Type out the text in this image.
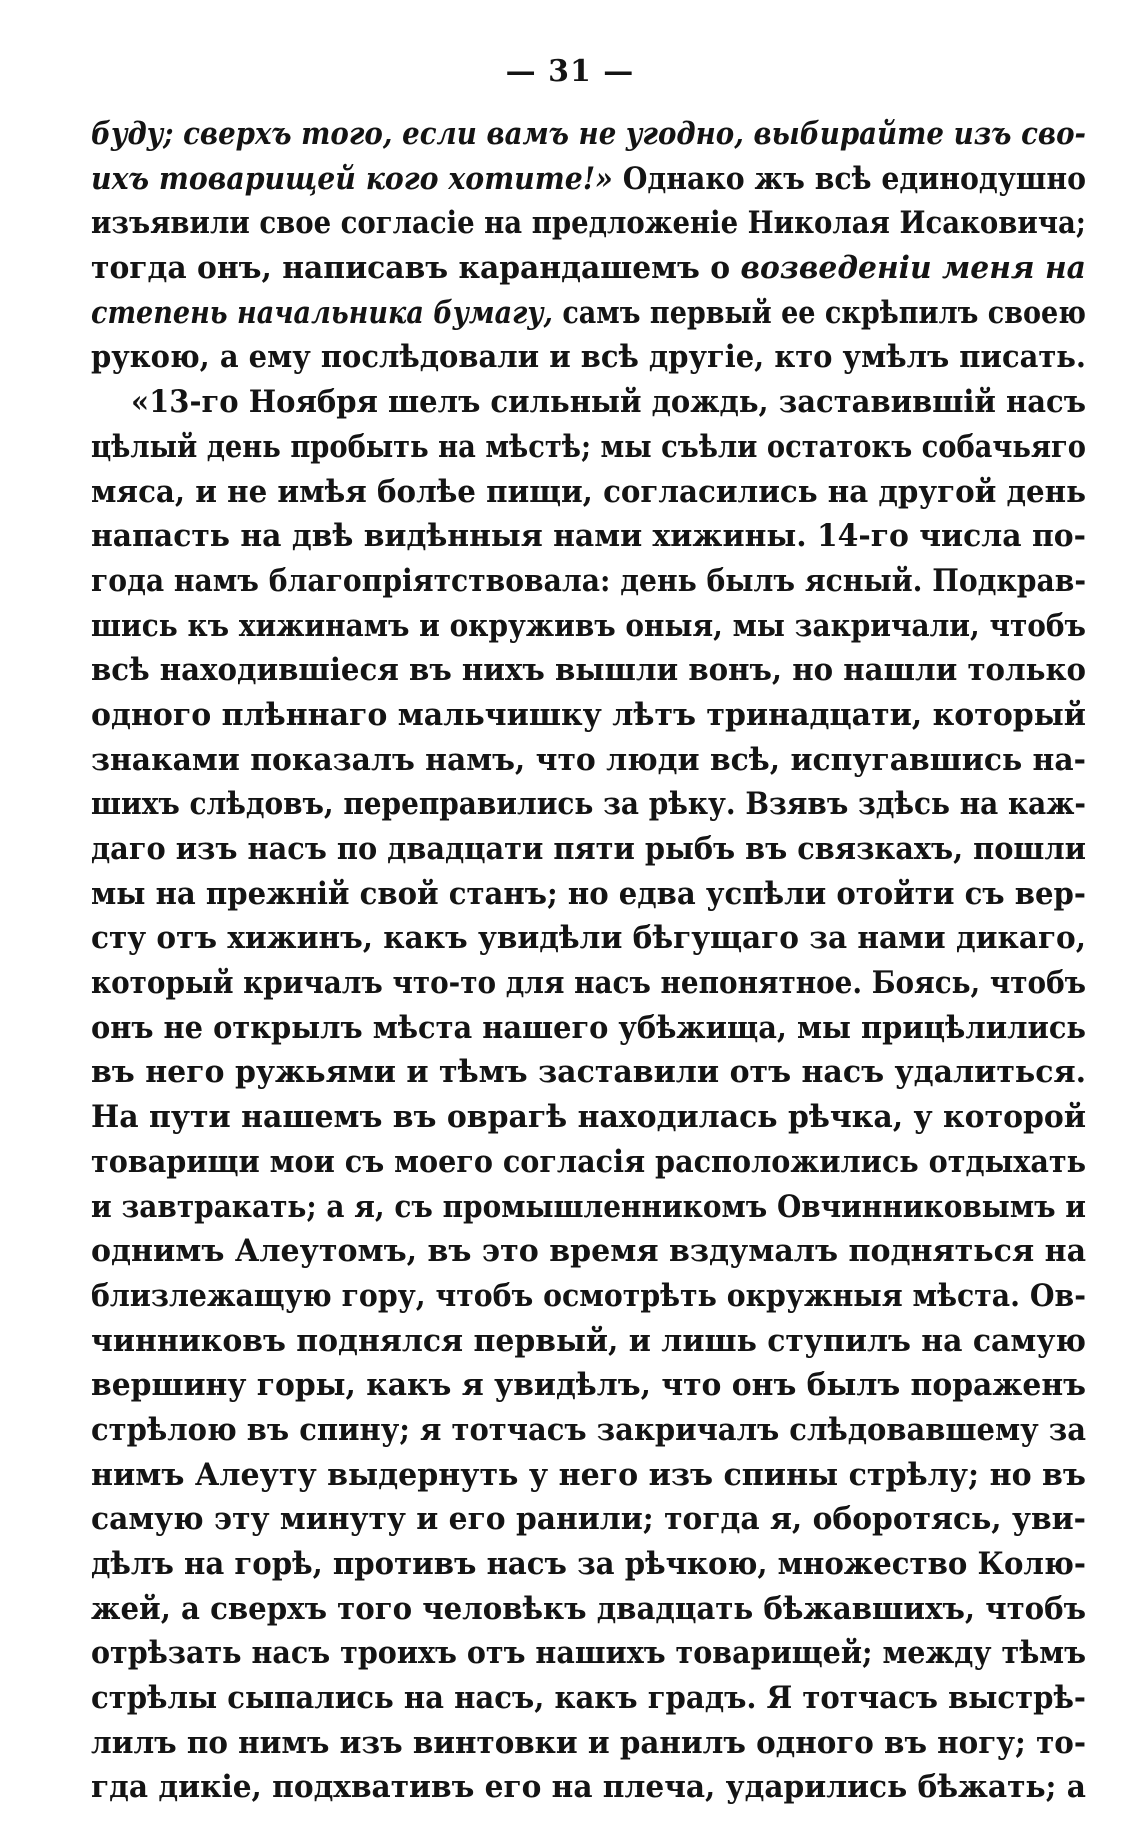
— 31 —
буду; сверхъ того, если вамъ не угодно, выбирайте изъ сво-
ихъ товарищей кого хотите!» Однако жъ всѣ единодушно
изъявили свое согласіе на предложеніе Николая Исаковича;
тогда онъ, написавъ карандашемъ о возведеніи меня на
степень начальника бумагу, самъ первый ее скрѣпилъ своею
рукою, а ему послѣдовали и всѣ другіе, кто умѣлъ писать.
«13-го Ноября шелъ сильный дождь, заставившій насъ
цѣлый день пробыть на мѣстѣ; мы съѣли остатокъ собачьяго
мяса, и не имѣя болѣе пищи, согласились на другой день
напасть на двѣ видѣнныя нами хижины. 14-го числа по-
года намъ благопріятствовала: день былъ ясный. Подкрав-
шись къ хижинамъ и окруживъ оныя, мы закричали, чтобъ
всѣ находившіеся въ нихъ вышли вонъ, но нашли только
одного плѣннаго мальчишку лѣтъ тринадцати, который
знаками показалъ намъ, что люди всѣ, испугавшись на-
шихъ слѣдовъ, переправились за рѣку. Взявъ здѣсь на каж-
даго изъ насъ по двадцати пяти рыбъ въ связкахъ, пошли
мы на прежній свой станъ; но едва успѣли отойти съ вер-
сту отъ хижинъ, какъ увидѣли бѣгущаго за нами дикаго,
который кричалъ что-то для насъ непонятное. Боясь, чтобъ
онъ не открылъ мѣста нашего убѣжища, мы прицѣлились
въ него ружьями и тѣмъ заставили отъ насъ удалиться.
На пути нашемъ въ оврагѣ находилась рѣчка, у которой
товарищи мои съ моего согласія расположились отдыхать
и завтракать; а я, съ промышленникомъ Овчинниковымъ и
однимъ Алеутомъ, въ это время вздумалъ подняться на
близлежащую гору, чтобъ осмотрѣть окружныя мѣста. Ов-
чинниковъ поднялся первый, и лишь ступилъ на самую
вершину горы, какъ я увидѣлъ, что онъ былъ пораженъ
стрѣлою въ спину; я тотчасъ закричалъ слѣдовавшему за
нимъ Алеуту выдернуть у него изъ спины стрѣлу; но въ
самую эту минуту и его ранили; тогда я, оборотясь, уви-
дѣлъ на горѣ, противъ насъ за рѣчкою, множество Колю-
жей, а сверхъ того человѣкъ двадцать бѣжавшихъ, чтобъ
отрѣзать насъ троихъ отъ нашихъ товарищей; между тѣмъ
стрѣлы сыпались на насъ, какъ градъ. Я тотчасъ выстрѣ-
лилъ по нимъ изъ винтовки и ранилъ одного въ ногу; то-
гда дикіе, подхвативъ его на плеча, ударились бѣжать; а
